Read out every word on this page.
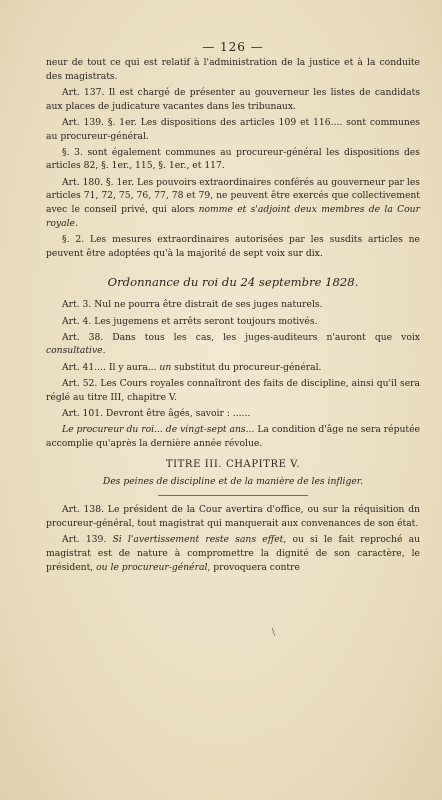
— 126 —

neur de tout ce qui est relatif à l'administration de la justice et à la conduite des magistrats.

Art. 137. Il est chargé de présenter au gouverneur les listes de candidats aux places de judicature vacantes dans les tribunaux.

Art. 139. §. 1er. Les dispositions des articles 109 et 116.... sont communes au procureur-général.

§. 3. sont également communes au procureur-général les dispositions des articles 82, §. 1er., 115, §. 1er., et 117.

Art. 180. §. 1er. Les pouvoirs extraordinaires conférés au gouverneur par les articles 71, 72, 75, 76, 77, 78 et 79, ne peuvent être exercés que collectivement avec le conseil privé, qui alors nomme et s'adjoint deux membres de la Cour royale.

§. 2. Les mesures extraordinaires autorisées par les susdits articles ne peuvent être adoptées qu'à la majorité de sept voix sur dix.

Ordonnance du roi du 24 septembre 1828.

Art. 3. Nul ne pourra être distrait de ses juges naturels.

Art. 4. Les jugemens et arrêts seront toujours motivés.

Art. 38. Dans tous les cas, les juges-auditeurs n'auront que voix consultative.

Art. 41.... Il y aura... un substitut du procureur-général.

Art. 52. Les Cours royales connaîtront des faits de discipline, ainsi qu'il sera réglé au titre III, chapitre V.

Art. 101. Devront être âgés, savoir : ......

Le procureur du roi... de vingt-sept ans... La condition d'âge ne sera réputée accomplie qu'après la dernière année révolue.

TITRE III. CHAPITRE V.
Des peines de discipline et de la manière de les infliger.

Art. 138. Le président de la Cour avertira d'office, ou sur la réquisition dn procureur-général, tout magistrat qui manquerait aux convenances de son état.

Art. 139. Si l'avertissement reste sans effet, ou si le fait reproché au magistrat est de nature à compromettre la dignité de son caractère, le président, ou le procureur-général, provoquera contre

\
